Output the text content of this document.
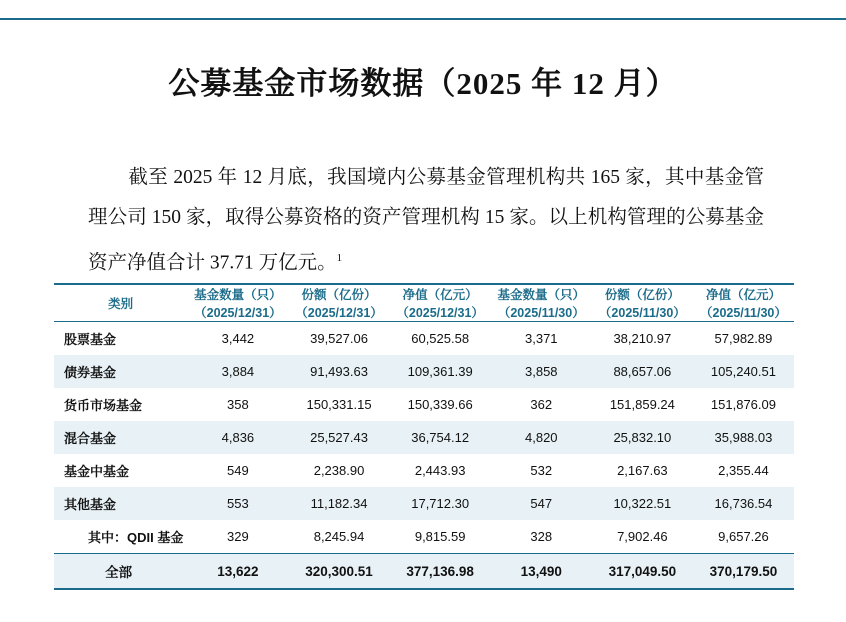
公募基金市场数据（2025 年 12 月）
截至 2025 年 12 月底，我国境内公募基金管理机构共 165 家，其中基金管理公司 150 家，取得公募资格的资产管理机构 15 家。以上机构管理的公募基金资产净值合计 37.71 万亿元。$^1$

类别	基金数量（只）	份额（亿份）	净值（亿元）	基金数量（只）	份额（亿份）	净值（亿元）
	（2025/12/31）	（2025/12/31）	（2025/12/31）	（2025/11/30）	（2025/11/30）	（2025/11/30）

股票基金	3,442	39,527.06	60,525.58	3,371	38,210.97	57,982.89
债券基金	3,884	91,493.63	109,361.39	3,858	88,657.06	105,240.51
货币市场基金	358	150,331.15	150,339.66	362	151,859.24	151,876.09
混合基金	4,836	25,527.43	36,754.12	4,820	25,832.10	35,988.03
基金中基金	549	2,238.90	2,443.93	532	2,167.63	2,355.44
其他基金	553	11,182.34	17,712.30	547	10,322.51	16,736.54
其中：QDII 基金	329	8,245.94	9,815.59	328	7,902.46	9,657.26

全部	13,622	320,300.51	377,136.98	13,490	317,049.50	370,179.50
